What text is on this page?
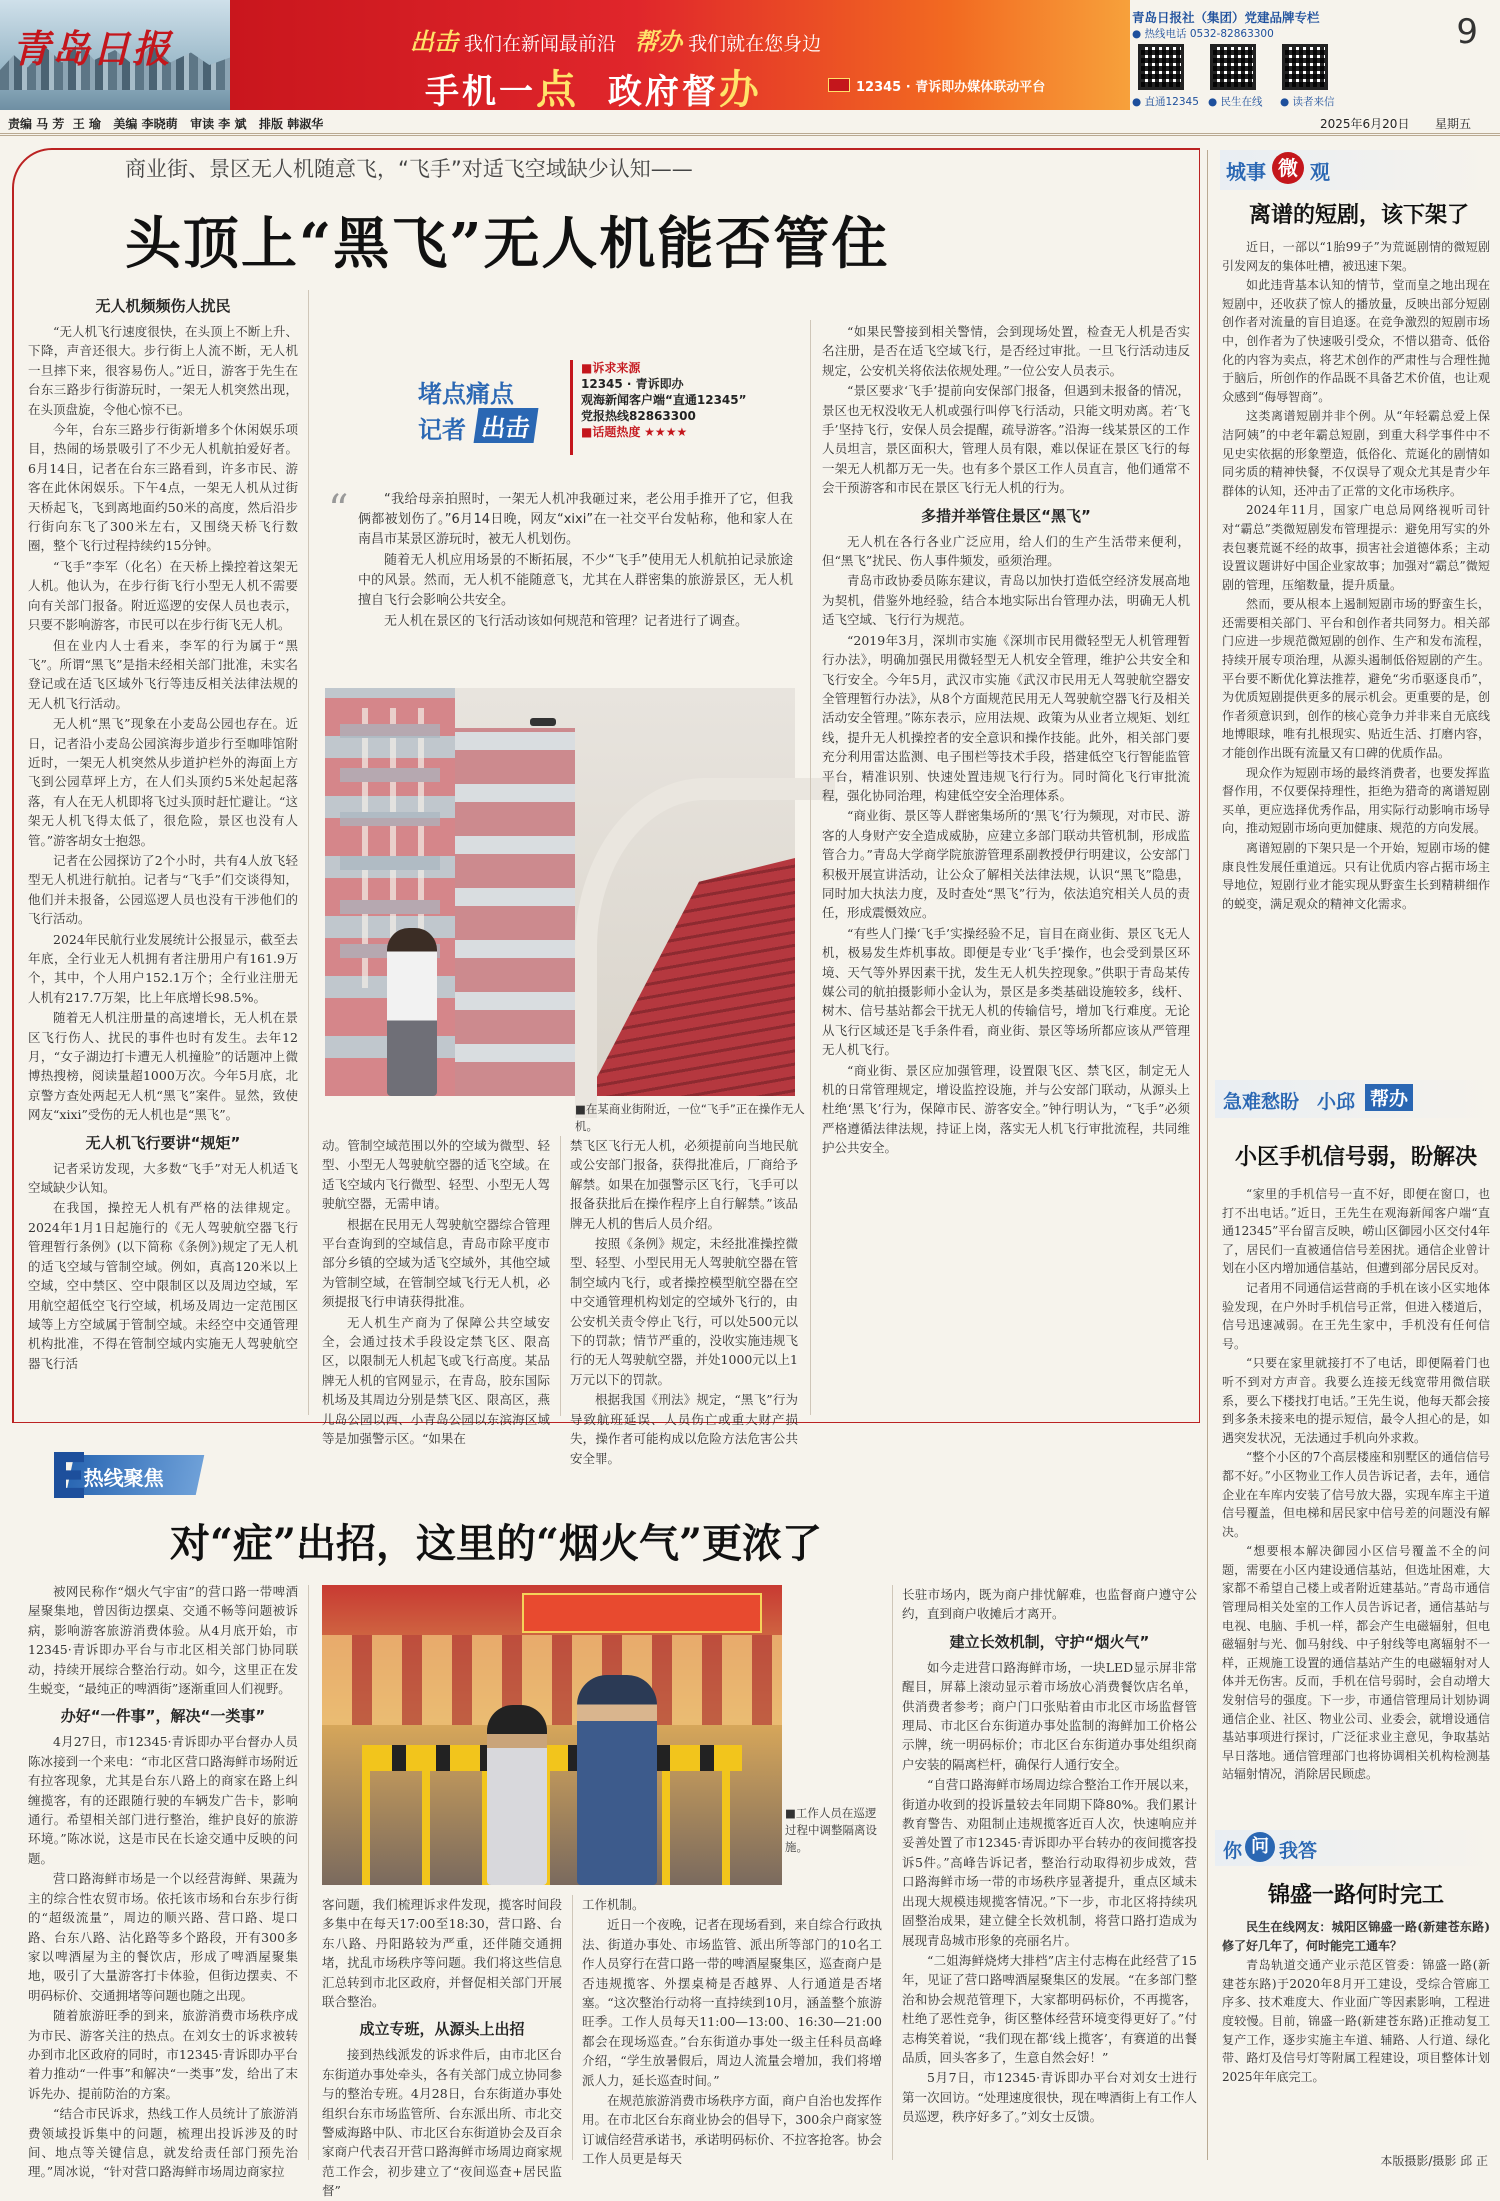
青岛日报	出击 我们在新闻最前沿 帮办 我们就在您身边
手机一点 政府督办	12345 · 青诉即办媒体联动平台
青岛日报社（集团）党建品牌专栏
● 热线电话 0532-82863300
● 直通12345 ● 民生在线 ● 读者来信
9
责编 马 芳  王 瑜   美编 李晓萌   审读 李 斌   排版 韩淑华	2025年6月20日 星期五
商业街、景区无人机随意飞，“飞手”对适飞空域缺少认知——
头顶上“黑飞”无人机能否管住
无人机频频伤人扰民

“无人机飞行速度很快，在头顶上不断上升、下降，声音还很大。步行街上人流不断，无人机一旦摔下来，很容易伤人。”近日，游客于先生在台东三路步行街游玩时，一架无人机突然出现，在头顶盘旋，令他心惊不已。

今年，台东三路步行街新增多个休闲娱乐项目，热闹的场景吸引了不少无人机航拍爱好者。6月14日，记者在台东三路看到，许多市民、游客在此休闲娱乐。下午4点，一架无人机从过街天桥起飞，飞到离地面约50米的高度，然后沿步行街向东飞了300米左右，又围绕天桥飞行数圈，整个飞行过程持续约15分钟。

“飞手”李军（化名）在天桥上操控着这架无人机。他认为，在步行街飞行小型无人机不需要向有关部门报备。附近巡逻的安保人员也表示，只要不影响游客，市民可以在步行街飞无人机。

但在业内人士看来，李军的行为属于“黑飞”。所谓“黑飞”是指未经相关部门批准，未实名登记或在适飞区域外飞行等违反相关法律法规的无人机飞行活动。

无人机“黑飞”现象在小麦岛公园也存在。近日，记者沿小麦岛公园滨海步道步行至咖啡馆附近时，一架无人机突然从步道护栏外的海面上方飞到公园草坪上方，在人们头顶约5米处起起落落，有人在无人机即将飞过头顶时赶忙避让。“这架无人机飞得太低了，很危险，景区也没有人管。”游客胡女士抱怨。

记者在公园探访了2个小时，共有4人放飞轻型无人机进行航拍。记者与“飞手”们交谈得知，他们并未报备，公园巡逻人员也没有干涉他们的飞行活动。

2024年民航行业发展统计公报显示，截至去年底，全行业无人机拥有者注册用户有161.9万个，其中，个人用户152.1万个；全行业注册无人机有217.7万架，比上年底增长98.5%。

随着无人机注册量的高速增长，无人机在景区飞行伤人、扰民的事件也时有发生。去年12月，“女子湖边打卡遭无人机撞脸”的话题冲上微博热搜榜，阅读量超1000万次。今年5月底，北京警方查处两起无人机“黑飞”案件。显然，致使网友“xixi”受伤的无人机也是“黑飞”。

无人机飞行要讲“规矩”

记者采访发现，大多数“飞手”对无人机适飞空域缺少认知。

在我国，操控无人机有严格的法律规定。2024年1月1日起施行的《无人驾驶航空器飞行管理暂行条例》(以下简称《条例》)规定了无人机的适飞空域与管制空域。例如，真高120米以上空域，空中禁区、空中限制区以及周边空域，军用航空超低空飞行空域，机场及周边一定范围区域等上方空域属于管制空域。未经空中交通管理机构批准，不得在管制空域内实施无人驾驶航空器飞行活

堵点痛点
记者 出击
■诉求来源
12345 · 青诉即办
观海新闻客户端“直通12345”
党报热线82863300
■话题热度 ★★★★
“	“我给母亲拍照时，一架无人机冲我砸过来，老公用手推开了它，但我俩都被划伤了。”6月14日晚，网友“xixi”在一社交平台发帖称，他和家人在南昌市某景区游玩时，被无人机划伤。

随着无人机应用场景的不断拓展，不少“飞手”使用无人机航拍记录旅途中的风景。然而，无人机不能随意飞，尤其在人群密集的旅游景区，无人机擅自飞行会影响公共安全。

无人机在景区的飞行活动该如何规范和管理？记者进行了调查。

■在某商业街附近，一位“飞手”正在操作无人机。

动。管制空域范围以外的空域为微型、轻型、小型无人驾驶航空器的适飞空域。在适飞空域内飞行微型、轻型、小型无人驾驶航空器，无需申请。

根据在民用无人驾驶航空器综合管理平台查询到的空域信息，青岛市除平度市部分乡镇的空域为适飞空域外，其他空域为管制空域，在管制空域飞行无人机，必须提报飞行申请获得批准。

无人机生产商为了保障公共空域安全，会通过技术手段设定禁飞区、限高区，以限制无人机起飞或飞行高度。某品牌无人机的官网显示，在青岛，胶东国际机场及其周边分别是禁飞区、限高区，燕儿岛公园以西、小青岛公园以东滨海区域等是加强警示区。“如果在

禁飞区飞行无人机，必须提前向当地民航或公安部门报备，获得批准后，厂商给予解禁。如果在加强警示区飞行，飞手可以报备获批后在操作程序上自行解禁。”该品牌无人机的售后人员介绍。

按照《条例》规定，未经批准操控微型、轻型、小型民用无人驾驶航空器在管制空域内飞行，或者操控模型航空器在空中交通管理机构划定的空域外飞行的，由公安机关责令停止飞行，可以处500元以下的罚款；情节严重的，没收实施违规飞行的无人驾驶航空器，并处1000元以上1万元以下的罚款。

根据我国《刑法》规定，“黑飞”行为导致航班延误、人员伤亡或重大财产损失，操作者可能构成以危险方法危害公共安全罪。

“如果民警接到相关警情，会到现场处置，检查无人机是否实名注册，是否在适飞空域飞行，是否经过审批。一旦飞行活动违反规定，公安机关将依法依规处理。”一位公安人员表示。

“景区要求‘飞手’提前向安保部门报备，但遇到未报备的情况，景区也无权没收无人机或强行叫停飞行活动，只能文明劝离。若‘飞手’坚持飞行，安保人员会提醒，疏导游客。”沿海一线某景区的工作人员坦言，景区面积大，管理人员有限，难以保证在景区飞行的每一架无人机都万无一失。也有多个景区工作人员直言，他们通常不会干预游客和市民在景区飞行无人机的行为。

多措并举管住景区“黑飞”

无人机在各行各业广泛应用，给人们的生产生活带来便利，但“黑飞”扰民、伤人事件频发，亟须治理。

青岛市政协委员陈东建议，青岛以加快打造低空经济发展高地为契机，借鉴外地经验，结合本地实际出台管理办法，明确无人机适飞空域、飞行行为规范。

“2019年3月，深圳市实施《深圳市民用微轻型无人机管理暂行办法》，明确加强民用微轻型无人机安全管理，维护公共安全和飞行安全。今年5月，武汉市实施《武汉市民用无人驾驶航空器安全管理暂行办法》，从8个方面规范民用无人驾驶航空器飞行及相关活动安全管理。”陈东表示，应用法规、政策为从业者立规矩、划红线，提升无人机操控者的安全意识和操作技能。此外，相关部门要充分利用雷达监测、电子围栏等技术手段，搭建低空飞行智能监管平台，精准识别、快速处置违规飞行行为。同时简化飞行审批流程，强化协同治理，构建低空安全治理体系。

“商业街、景区等人群密集场所的‘黑飞’行为频现，对市民、游客的人身财产安全造成威胁，应建立多部门联动共管机制，形成监管合力。”青岛大学商学院旅游管理系副教授伊行明建议，公安部门积极开展宣讲活动，让公众了解相关法律法规，认识“黑飞”隐患，同时加大执法力度，及时查处“黑飞”行为，依法追究相关人员的责任，形成震慑效应。

“有些人门操‘飞手’实操经验不足，盲目在商业街、景区飞无人机，极易发生炸机事故。即便是专业‘飞手’操作，也会受到景区环境、天气等外界因素干扰，发生无人机失控现象。”供职于青岛某传媒公司的航拍摄影师小金认为，景区是多类基础设施较多，线杆、树木、信号基站都会干扰无人机的传输信号，增加飞行难度。无论从飞行区域还是飞手条件看，商业街、景区等场所都应该从严管理无人机飞行。

“商业街、景区应加强管理，设置限飞区、禁飞区，制定无人机的日常管理规定，增设监控设施，并与公安部门联动，从源头上杜绝‘黑飞’行为，保障市民、游客安全。”钟行明认为，“飞手”必须严格遵循法律法规，持证上岗，落实无人机飞行审批流程，共同维护公共安全。

城事 微 观
离谱的短剧，该下架了

近日，一部以“1胎99子”为荒诞剧情的微短剧引发网友的集体吐槽，被迅速下架。

如此违背基本认知的情节，堂而皇之地出现在短剧中，还收获了惊人的播放量，反映出部分短剧创作者对流量的盲目追逐。在竞争激烈的短剧市场中，创作者为了快速吸引受众，不惜以猎奇、低俗化的内容为卖点，将艺术创作的严肃性与合理性抛于脑后，所创作的作品既不具备艺术价值，也让观众感到“侮辱智商”。

这类离谱短剧并非个例。从“年轻霸总爱上保洁阿姨”的中老年霸总短剧，到重大科学事件中不见史实依据的形象塑造，低俗化、荒诞化的剧情如同劣质的精神快餐，不仅误导了观众尤其是青少年群体的认知，还冲击了正常的文化市场秩序。

2024年11月，国家广电总局网络视听司针对“霸总”类微短剧发布管理提示：避免用写实的外表包裹荒诞不经的故事，损害社会道德体系；主动设置议题讲好中国企业家故事；加强对“霸总”微短剧的管理，压缩数量，提升质量。

然而，要从根本上遏制短剧市场的野蛮生长，还需要相关部门、平台和创作者共同努力。相关部门应进一步规范微短剧的创作、生产和发布流程，持续开展专项治理，从源头遏制低俗短剧的产生。平台要不断优化算法推荐，避免“劣币驱逐良币”，为优质短剧提供更多的展示机会。更重要的是，创作者须意识到，创作的核心竞争力并非来自无底线地博眼球，唯有扎根现实、贴近生活、打磨内容，才能创作出既有流量又有口碑的优质作品。

现众作为短剧市场的最终消费者，也要发挥监督作用，不仅要保持理性，拒绝为猎奇的离谱短剧买单，更应选择优秀作品，用实际行动影响市场导向，推动短剧市场向更加健康、规范的方向发展。

离谱短剧的下架只是一个开始，短剧市场的健康良性发展任重道远。只有让优质内容占据市场主导地位，短剧行业才能实现从野蛮生长到精耕细作的蜕变，满足观众的精神文化需求。

急难愁盼 小邱 帮办
小区手机信号弱，盼解决

“家里的手机信号一直不好，即便在窗口，也打不出电话。”近日，王先生在观海新闻客户端“直通12345”平台留言反映，崂山区御园小区交付4年了，居民们一直被通信信号差困扰。通信企业曾计划在小区内增加通信基站，但遭到部分居民反对。

记者用不同通信运营商的手机在该小区实地体验发现，在户外时手机信号正常，但进入楼道后，信号迅速减弱。在王先生家中，手机没有任何信号。

“只要在家里就接打不了电话，即便隔着门也听不到对方声音。我要么连接无线宽带用微信联系，要么下楼找打电话。”王先生说，他每天都会接到多条未接来电的提示短信，最令人担心的是，如遇突发状况，无法通过手机向外求救。

“整个小区的7个高层楼座和别墅区的通信信号都不好。”小区物业工作人员告诉记者，去年，通信企业在车库内安装了信号放大器，实现车库主干道信号覆盖，但电梯和居民家中信号差的问题没有解决。

“想要根本解决御园小区信号覆盖不全的问题，需要在小区内建设通信基站，但选址困难，大家都不希望自己楼上或者附近建基站。”青岛市通信管理局相关处室的工作人员告诉记者，通信基站与电视、电脑、手机一样，都会产生电磁辐射，但电磁辐射与光、伽马射线、中子射线等电离辐射不一样，正规施工设置的通信基站产生的电磁辐射对人体并无伤害。反而，手机在信号弱时，会自动增大发射信号的强度。下一步，市通信管理局计划协调通信企业、社区、物业公司、业委会，就增设通信基站事项进行探讨，广泛征求业主意见，争取基站早日落地。通信管理部门也将协调相关机构检测基站辐射情况，消除居民顾虑。

你 问 我答
锦盛一路何时完工

民生在线网友：城阳区锦盛一路(新建苍东路)修了好几年了，何时能完工通车？

青岛轨道交通产业示范区管委：锦盛一路(新建苍东路)于2020年8月开工建设，受综合管廊工序多、技术难度大、作业面广等因素影响，工程进度较慢。目前，锦盛一路(新建苍东路)正推动复工复产工作，逐步实施主车道、辅路、人行道、绿化带、路灯及信号灯等附属工程建设，项目整体计划2025年年底完工。

热线聚焦
对“症”出招，这里的“烟火气”更浓了

被网民称作“烟火气宇宙”的营口路一带啤酒屋聚集地，曾因街边摆桌、交通不畅等问题被诉病，影响游客旅游消费体验。从4月底开始，市12345·青诉即办平台与市北区相关部门协同联动，持续开展综合整治行动。如今，这里正在发生蜕变，“最纯正的啤酒街”逐渐重回人们视野。

办好“一件事”，解决“一类事”

4月27日，市12345·青诉即办平台督办人员陈冰接到一个来电：“市北区营口路海鲜市场附近有拉客现象，尤其是台东八路上的商家在路上纠缠揽客，有的还跟随行驶的车辆发广告卡，影响通行。希望相关部门进行整治，维护良好的旅游环境。”陈冰说，这是市民在长途交通中反映的问题。

营口路海鲜市场是一个以经营海鲜、果蔬为主的综合性农贸市场。依托该市场和台东步行街的“超级流量”，周边的顺兴路、营口路、堤口路、台东八路、沾化路等多个路段，开有300多家以啤酒屋为主的餐饮店，形成了啤酒屋聚集地，吸引了大量游客打卡体验，但街边摆卖、不明码标价、交通拥堵等问题也随之出现。

随着旅游旺季的到来，旅游消费市场秩序成为市民、游客关注的热点。在刘女士的诉求被转办到市北区政府的同时，市12345·青诉即办平台着力推动“一件事”和解决“一类事”发，给出了末诉先办、提前防治的方案。

“结合市民诉求，热线工作人员统计了旅游消费领域投诉集中的问题，梳理出投诉涉及的时间、地点等关键信息，就发给责任部门预先治理。”周冰说，“针对营口路海鲜市场周边商家拉

■工作人员在巡逻过程中调整隔离设施。

客问题，我们梳理诉求件发现，揽客时间段多集中在每天17:00至18:30，营口路、台东八路、丹阳路较为严重，还伴随交通拥堵，扰乱市场秩序等问题。我们将这些信息汇总转到市北区政府，并督促相关部门开展联合整治。

成立专班，从源头上出招

接到热线派发的诉求件后，由市北区台东街道办事处牵头，各有关部门成立协同参与的整治专班。4月28日，台东街道办事处组织台东市场监管所、台东派出所、市北交警威海路中队、市北区台东街道协会及百余家商户代表召开营口路海鲜市场周边商家规范工作会，初步建立了“夜间巡查+居民监督”

工作机制。

近日一个夜晚，记者在现场看到，来自综合行政执法、街道办事处、市场监管、派出所等部门的10名工作人员穿行在营口路一带的啤酒屋聚集区，巡查商户是否违规揽客、外摆桌椅是否越界、人行通道是否堵塞。“这次整治行动将一直持续到10月，涵盖整个旅游旺季。工作人员每天11:00—13:00、16:30—21:00都会在现场巡查。”台东街道办事处一级主任科员高峰介绍，“学生放暑假后，周边人流量会增加，我们将增派人力，延长巡查时间。”

在规范旅游消费市场秩序方面，商户自治也发挥作用。在市北区台东商业协会的倡导下，300余户商家签订诚信经营承诺书，承诺明码标价、不拉客抢客。协会工作人员更是每天

长驻市场内，既为商户排忧解难，也监督商户遵守公约，直到商户收摊后才离开。

建立长效机制，守护“烟火气”

如今走进营口路海鲜市场，一块LED显示屏非常醒目，屏幕上滚动显示着市场放心消费餐饮店名单，供消费者参考；商户门口张贴着由市北区市场监督管理局、市北区台东街道办事处监制的海鲜加工价格公示牌，统一明码标价；市北区台东街道办事处组织商户安装的隔离栏杆，确保行人通行安全。

“自营口路海鲜市场周边综合整治工作开展以来，街道办收到的投诉量较去年同期下降80%。我们累计教育警告、劝阻制止违规揽客近百人次，快速响应并妥善处置了市12345·青诉即办平台转办的夜间揽客投诉5件。”高峰告诉记者，整治行动取得初步成效，营口路海鲜市场一带的市场秩序显著提升，重点区域未出现大规模违规揽客情况。”下一步，市北区将持续巩固整治成果，建立健全长效机制，将营口路打造成为展现青岛城市形象的亮丽名片。

“二姐海鲜烧烤大排档”店主付志梅在此经营了15年，见证了营口路啤酒屋聚集区的发展。“在多部门整治和协会规范管理下，大家都明码标价，不再揽客，杜绝了恶性竞争，街区整体经营环境变得更好了。”付志梅笑着说，“我们现在都‘线上揽客’，有赛道的出餐品质，回头客多了，生意自然会好！”

5月7日，市12345·青诉即办平台对刘女士进行第一次回访。“处理速度很快，现在啤酒街上有工作人员巡逻，秩序好多了。”刘女士反馈。

本版摄影/摄影 邱 正
